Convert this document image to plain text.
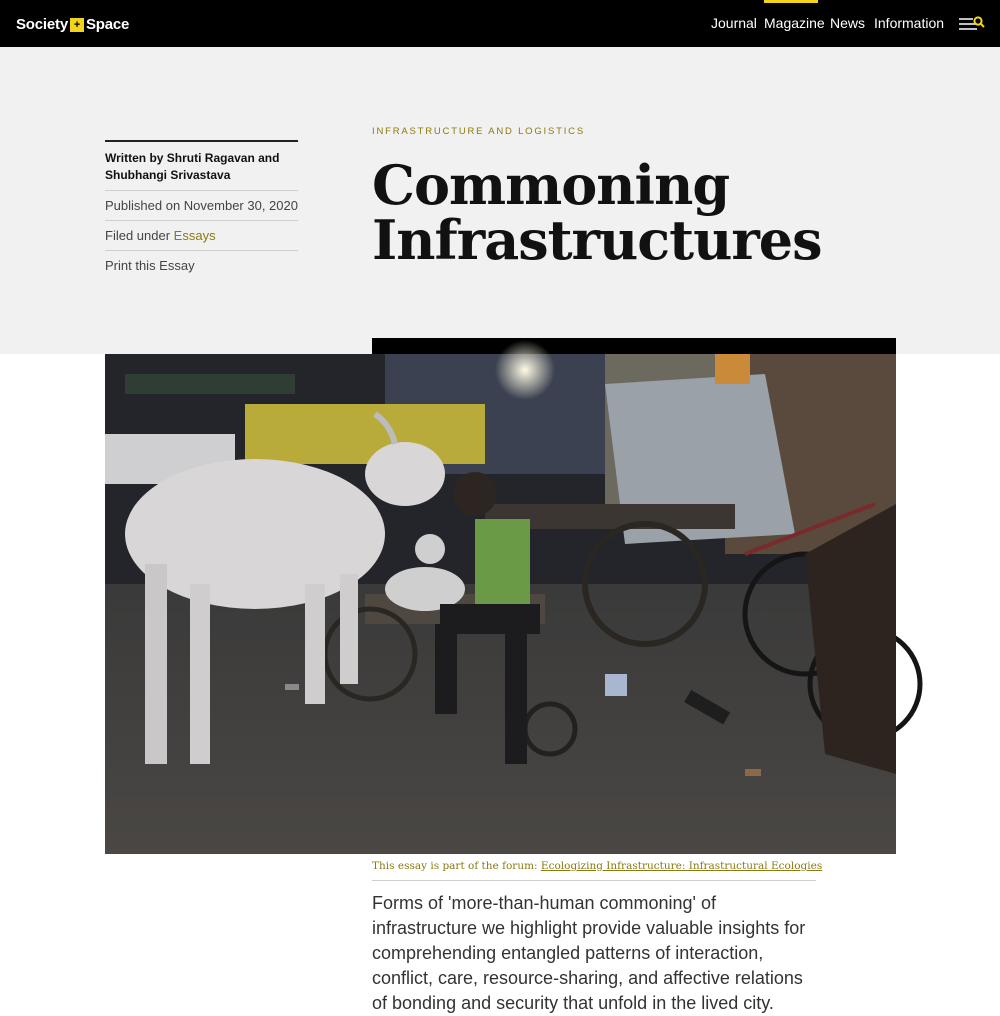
Society + Space	Journal Magazine News Information
Written by Shruti Ragavan and Shubhangi Srivastava
Published on November 30, 2020
Filed under Essays
Print this Essay
INFRASTRUCTURE AND LOGISTICS
Commoning
Infrastructures
This essay is part of the forum: Ecologizing Infrastructure: Infrastructural Ecologies

Forms of 'more-than-human commoning' of infrastructure we highlight provide valuable insights for comprehending entangled patterns of interaction, conflict, care, resource-sharing, and affective relations of bonding and security that unfold in the lived city.
